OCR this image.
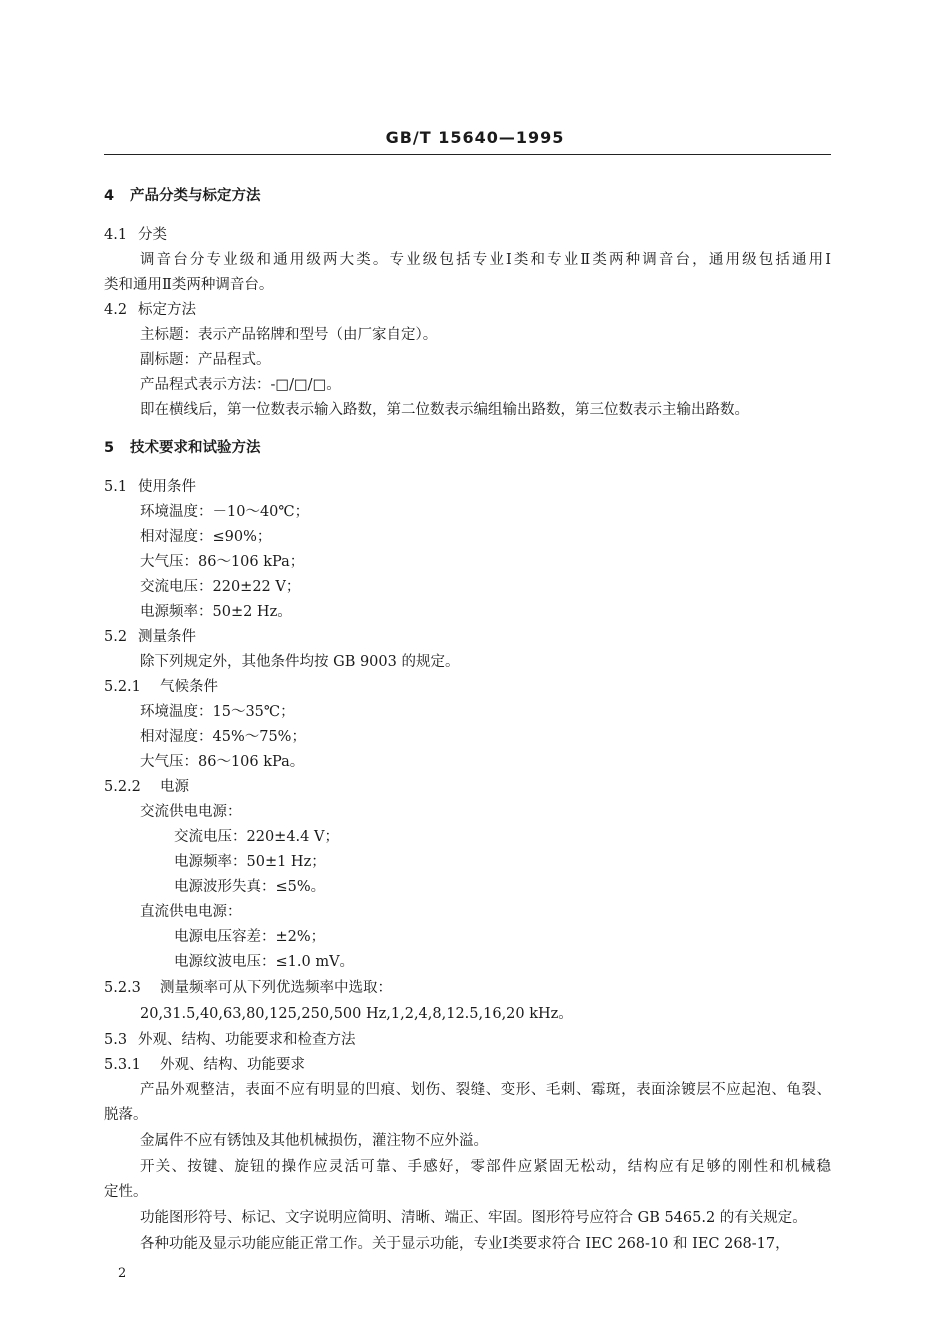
GB/T 15640—1995
4 产品分类与标定方法
4.1 分类
调音台分专业级和通用级两大类。专业级包括专业Ⅰ类和专业Ⅱ类两种调音台，通用级包括通用Ⅰ
类和通用Ⅱ类两种调音台。
4.2 标定方法
主标题：表示产品铭牌和型号（由厂家自定）。
副标题：产品程式。
产品程式表示方法：-□/□/□。
即在横线后，第一位数表示输入路数，第二位数表示编组输出路数，第三位数表示主输出路数。
5 技术要求和试验方法
5.1 使用条件
环境温度：－10～40℃；
相对湿度：≤90%；
大气压：86～106 kPa；
交流电压：220±22 V；
电源频率：50±2 Hz。
5.2 测量条件
除下列规定外，其他条件均按 GB 9003 的规定。
5.2.1 气候条件
环境温度：15～35℃；
相对湿度：45%～75%；
大气压：86～106 kPa。
5.2.2 电源
交流供电电源：
交流电压：220±4.4 V；
电源频率：50±1 Hz；
电源波形失真：≤5%。
直流供电电源：
电源电压容差：±2%；
电源纹波电压：≤1.0 mV。
5.2.3 测量频率可从下列优选频率中选取：
20,31.5,40,63,80,125,250,500 Hz,1,2,4,8,12.5,16,20 kHz。
5.3 外观、结构、功能要求和检查方法
5.3.1 外观、结构、功能要求
产品外观整洁，表面不应有明显的凹痕、划伤、裂缝、变形、毛刺、霉斑，表面涂镀层不应起泡、龟裂、
脱落。
金属件不应有锈蚀及其他机械损伤，灌注物不应外溢。
开关、按键、旋钮的操作应灵活可靠、手感好，零部件应紧固无松动，结构应有足够的刚性和机械稳
定性。
功能图形符号、标记、文字说明应简明、清晰、端正、牢固。图形符号应符合 GB 5465.2 的有关规定。
各种功能及显示功能应能正常工作。关于显示功能，专业Ⅰ类要求符合 IEC 268-10 和 IEC 268-17，
2
